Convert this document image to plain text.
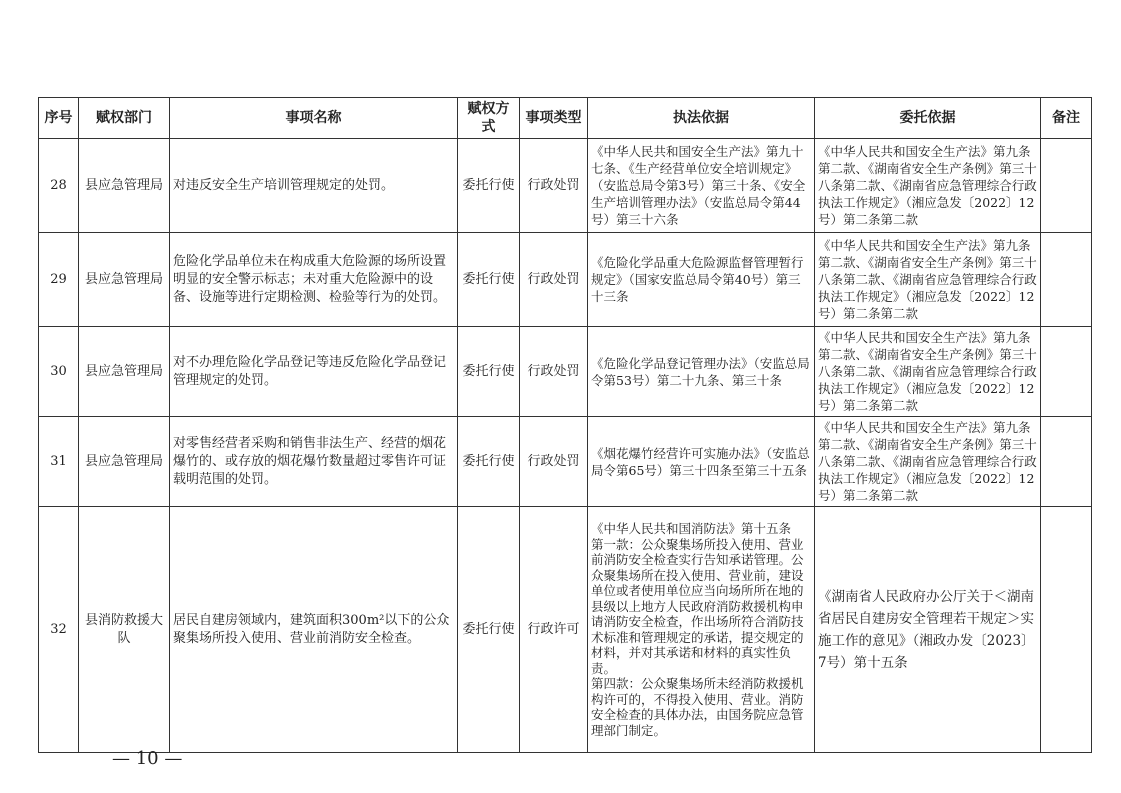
序号	赋权部门	事项名称	赋权方式	事项类型	执法依据	委托依据	备注
28	县应急管理局	对违反安全生产培训管理规定的处罚。	委托行使	行政处罚	《中华人民共和国安全生产法》第九十七条、《生产经营单位安全培训规定》（安监总局令第3号）第三十条、《安全生产培训管理办法》（安监总局令第44号）第三十六条	《中华人民共和国安全生产法》第九条第二款、《湖南省安全生产条例》第三十八条第二款、《湖南省应急管理综合行政执法工作规定》（湘应急发〔2022〕12号）第二条第二款	
29	县应急管理局	危险化学品单位未在构成重大危险源的场所设置明显的安全警示标志；未对重大危险源中的设备、设施等进行定期检测、检验等行为的处罚。	委托行使	行政处罚	《危险化学品重大危险源监督管理暂行规定》（国家安监总局令第40号）第三十三条	《中华人民共和国安全生产法》第九条第二款、《湖南省安全生产条例》第三十八条第二款、《湖南省应急管理综合行政执法工作规定》（湘应急发〔2022〕12号）第二条第二款	
30	县应急管理局	对不办理危险化学品登记等违反危险化学品登记管理规定的处罚。	委托行使	行政处罚	《危险化学品登记管理办法》（安监总局令第53号）第二十九条、第三十条	《中华人民共和国安全生产法》第九条第二款、《湖南省安全生产条例》第三十八条第二款、《湖南省应急管理综合行政执法工作规定》（湘应急发〔2022〕12号）第二条第二款	
31	县应急管理局	对零售经营者采购和销售非法生产、经营的烟花爆竹的、或存放的烟花爆竹数量超过零售许可证载明范围的处罚。	委托行使	行政处罚	《烟花爆竹经营许可实施办法》（安监总局令第65号）第三十四条至第三十五条	《中华人民共和国安全生产法》第九条第二款、《湖南省安全生产条例》第三十八条第二款、《湖南省应急管理综合行政执法工作规定》（湘应急发〔2022〕12号）第二条第二款	
32	县消防救援大队	居民自建房领域内，建筑面积300m²以下的公众聚集场所投入使用、营业前消防安全检查。	委托行使	行政许可	《中华人民共和国消防法》第十五条
第一款：公众聚集场所投入使用、营业前消防安全检查实行告知承诺管理。公众聚集场所在投入使用、营业前，建设单位或者使用单位应当向场所所在地的县级以上地方人民政府消防救援机构申请消防安全检查，作出场所符合消防技术标准和管理规定的承诺，提交规定的材料，并对其承诺和材料的真实性负责。
第四款：公众聚集场所未经消防救援机构许可的，不得投入使用、营业。消防安全检查的具体办法，由国务院应急管理部门制定。	《湖南省人民政府办公厅关于＜湖南省居民自建房安全管理若干规定＞实施工作的意见》（湘政办发〔2023〕7号）第十五条	
— 10 —
